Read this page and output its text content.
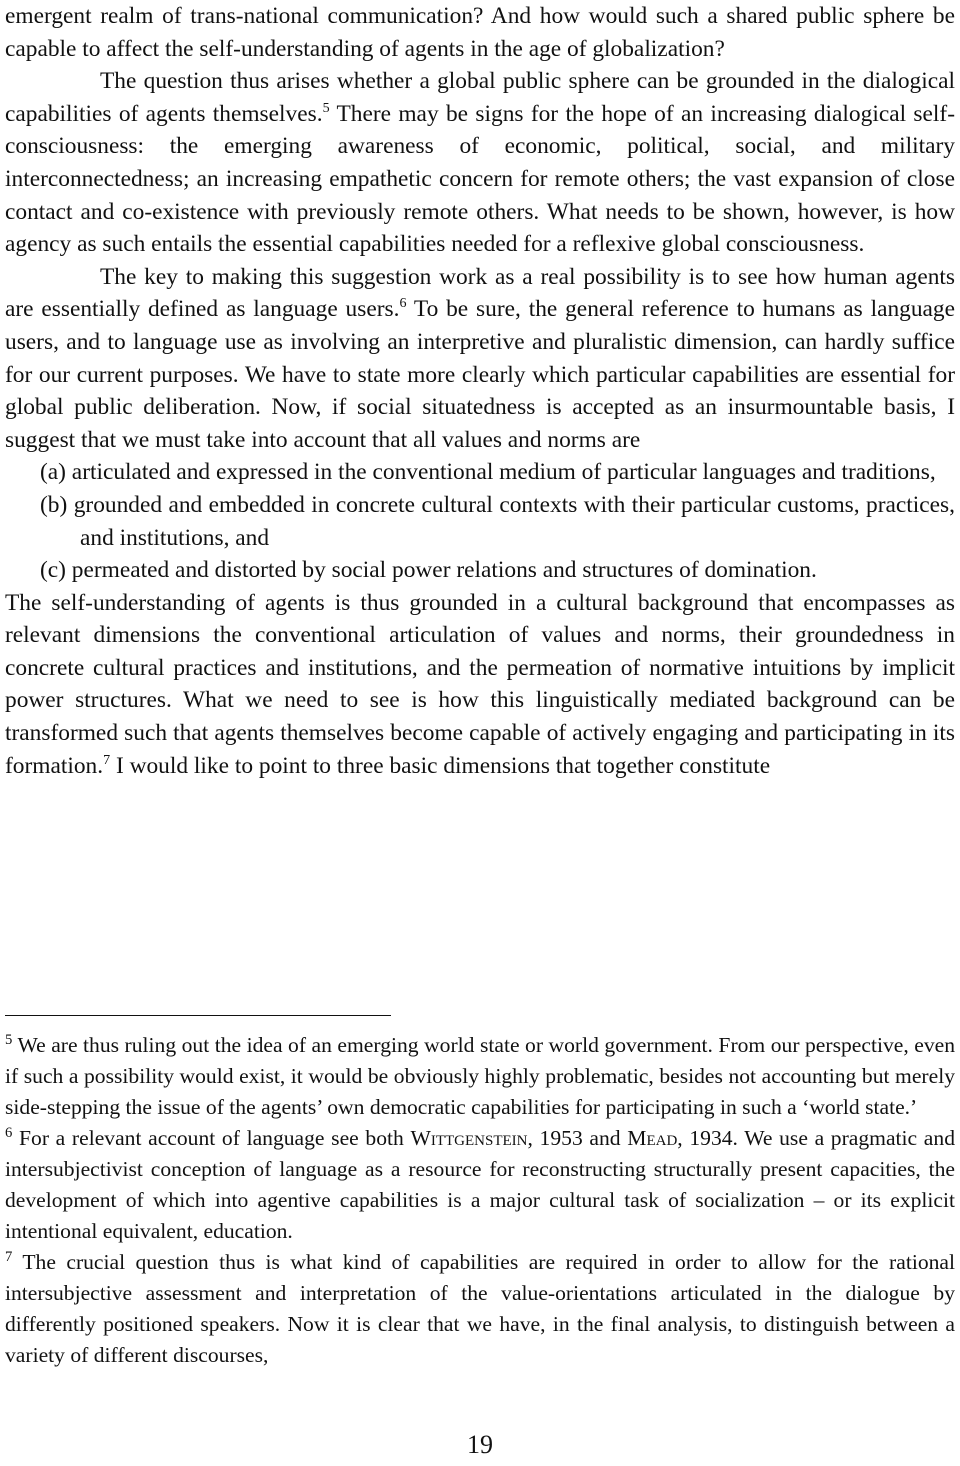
emergent realm of trans-national communication? And how would such a shared public sphere be capable to affect the self-understanding of agents in the age of globalization?

The question thus arises whether a global public sphere can be grounded in the dialogical capabilities of agents themselves.$^5$ There may be signs for the hope of an increasing dialogical self-consciousness: the emerging awareness of economic, political, social, and military interconnectedness; an increasing empathetic concern for remote others; the vast expansion of close contact and co-existence with previously remote others. What needs to be shown, however, is how agency as such entails the essential capabilities needed for a reflexive global consciousness.

The key to making this suggestion work as a real possibility is to see how human agents are essentially defined as language users.$^6$ To be sure, the general reference to humans as language users, and to language use as involving an interpretive and pluralistic dimension, can hardly suffice for our current purposes. We have to state more clearly which particular capabilities are essential for global public deliberation. Now, if social situatedness is accepted as an insurmountable basis, I suggest that we must take into account that all values and norms are

(a) articulated and expressed in the conventional medium of particular languages and traditions,
(b) grounded and embedded in concrete cultural contexts with their particular customs, practices, and institutions, and
(c) permeated and distorted by social power relations and structures of domination.

The self-understanding of agents is thus grounded in a cultural background that encompasses as relevant dimensions the conventional articulation of values and norms, their groundedness in concrete cultural practices and institutions, and the permeation of normative intuitions by implicit power structures. What we need to see is how this linguistically mediated background can be transformed such that agents themselves become capable of actively engaging and participating in its formation.$^7$ I would like to point to three basic dimensions that together constitute

$^5$ We are thus ruling out the idea of an emerging world state or world government. From our perspective, even if such a possibility would exist, it would be obviously highly problematic, besides not accounting but merely side-stepping the issue of the agents’ own democratic capabilities for participating in such a ‘world state.’

$^6$ For a relevant account of language see both Wittgenstein, 1953 and Mead, 1934. We use a pragmatic and intersubjectivist conception of language as a resource for reconstructing structurally present capacities, the development of which into agentive capabilities is a major cultural task of socialization – or its explicit intentional equivalent, education.

$^7$ The crucial question thus is what kind of capabilities are required in order to allow for the rational intersubjective assessment and interpretation of the value-orientations articulated in the dialogue by differently positioned speakers. Now it is clear that we have, in the final analysis, to distinguish between a variety of different discourses,

19
